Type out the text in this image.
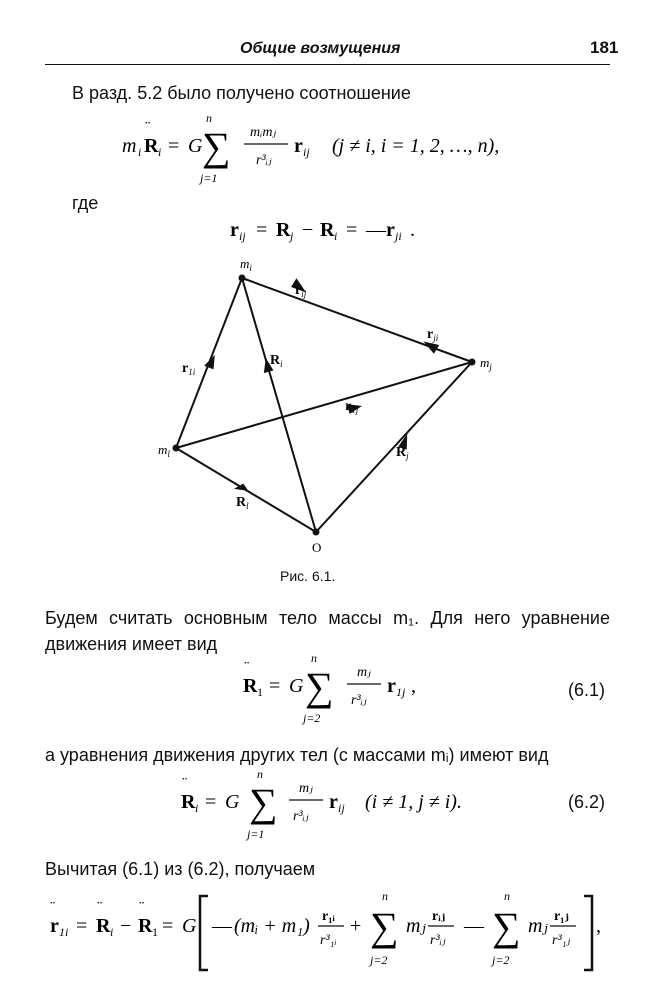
Общие возмущения	181
В разд. 5.2 было получено соотношение
m i R
¨
i = G
n
∑
j=1
mᵢmⱼ
r³ᵢⱼ
r ij (j ≠ i, i = 1, 2, …, n),
где
r ij = R j − R i = — r ji .
$m_i$
$m_j$
$m_l$
O
$r_{ij}$
$r_{ji}$
$r_{1i}$
$R_i$
$r_{1j}$
$R_j$
$R_l$
Рис. 6.1.
Будем считать основным тело массы m₁. Для него уравнение движения имеет вид
R
¨
1 = G
n
∑
j=2
mⱼ
r³ᵢⱼ
r 1j ,	(6.1)
а уравнения движения других тел (с массами mᵢ) имеют вид
R
¨
i = G
n
∑
j=1
mⱼ
r³ᵢⱼ
r ij (i ≠ 1, j ≠ i).	(6.2)
Вычитая (6.1) из (6.2), получаем
r
¨
1i = R
¨
i − R
¨
1 = G — (mᵢ + m₁) r₁ᵢ
r³₁ᵢ
+
n
∑
j=2
mⱼ rᵢⱼ
r³ᵢⱼ
—
n
∑
j=2
mⱼ r₁ⱼ
r³₁ⱼ
,
